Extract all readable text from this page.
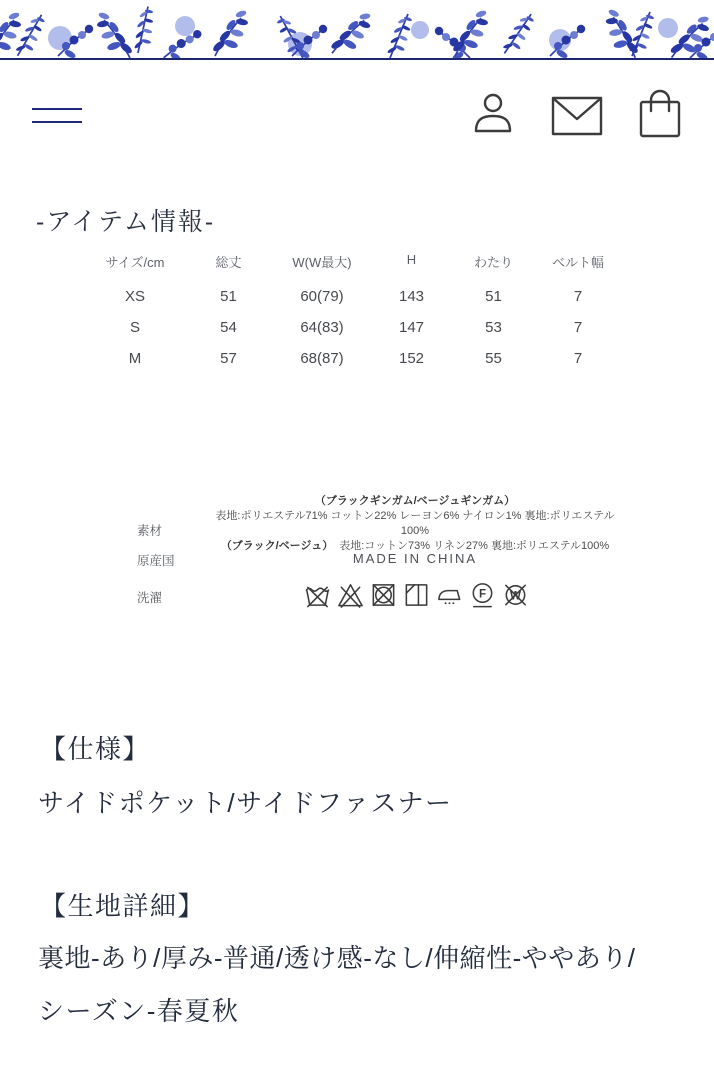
-アイテム情報-
サイズ/cm	総丈	W(W最大)	H	わたり	ベルト幅
XS	51	60(79)	143	51	7
S	54	64(83)	147	53	7
M	57	68(87)	152	55	7
素材
（ブラックギンガム/ベージュギンガム）
表地:ポリエステル71% コットン22% レーヨン6% ナイロン1% 裏地:ポリエステル100%
（ブラック/ベージュ） 表地:コットン73% リネン27% 裏地:ポリエステル100%
原産国	MADE IN CHINA
洗濯	F W
【仕様】
サイドポケット/サイドファスナー
【生地詳細】
裏地-あり/厚み-普通/透け感-なし/伸縮性-ややあり/
シーズン-春夏秋
